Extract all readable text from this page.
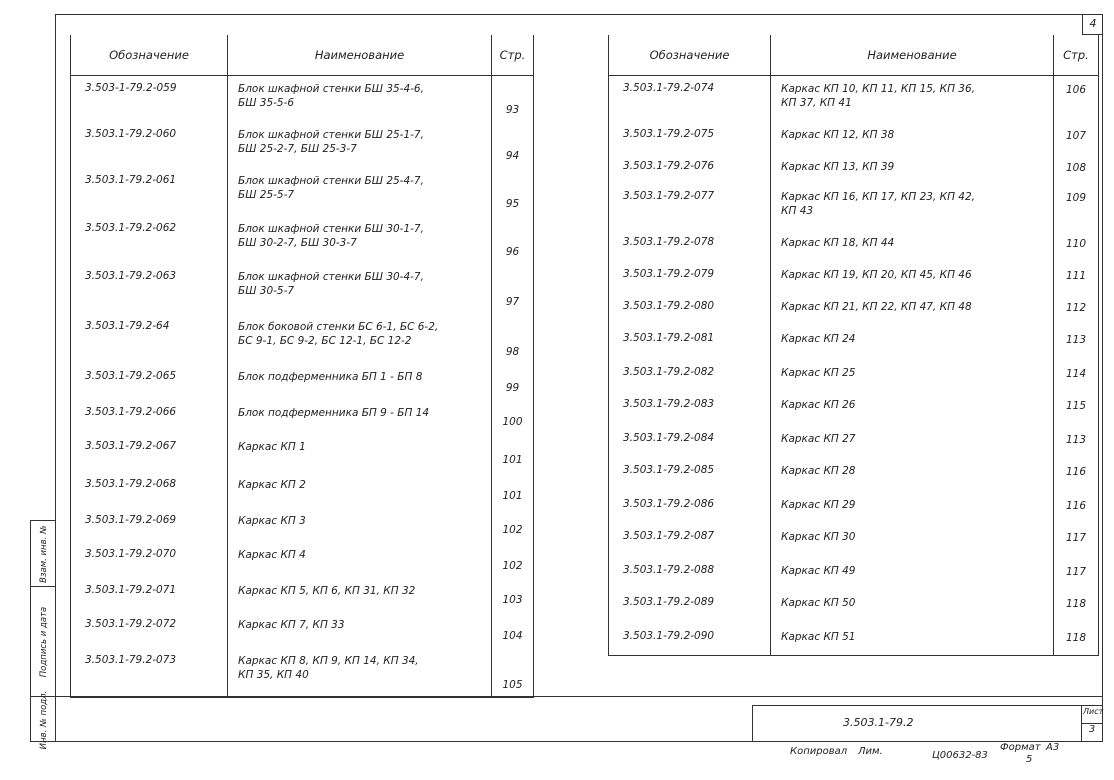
4
Взам. инв. №
Подпись и дата
Инв. № подл.
Обозначение	Наименование	Стр.
3.503-1-79.2-059	Блок шкафной стенки БШ 35-4-6,
БШ 35-5-6	93
3.503.1-79.2-060	Блок шкафной стенки БШ 25-1-7,
БШ 25-2-7, БШ 25-3-7	94
3.503.1-79.2-061	Блок шкафной стенки БШ 25-4-7,
БШ 25-5-7	95
3.503.1-79.2-062	Блок шкафной стенки БШ 30-1-7,
БШ 30-2-7, БШ 30-3-7	96
3.503.1-79.2-063	Блок шкафной стенки БШ 30-4-7,
БШ 30-5-7	97
3.503.1-79.2-64	Блок боковой стенки БС 6-1, БС 6-2,
БС 9-1, БС 9-2, БС 12-1, БС 12-2	98
3.503.1-79.2-065	Блок подферменника БП 1 - БП 8	99
3.503.1-79.2-066	Блок подферменника БП 9 - БП 14	100
3.503.1-79.2-067	Каркас КП 1	101
3.503.1-79.2-068	Каркас КП 2	101
3.503.1-79.2-069	Каркас КП 3	102
3.503.1-79.2-070	Каркас КП 4	102
3.503.1-79.2-071	Каркас КП 5, КП 6, КП 31, КП 32	103
3.503.1-79.2-072	Каркас КП 7, КП 33	104
3.503.1-79.2-073	Каркас КП 8, КП 9, КП 14, КП 34,
КП 35, КП 40	105
Обозначение	Наименование	Стр.
3.503.1-79.2-074	Каркас КП 10, КП 11, КП 15, КП 36,
КП 37, КП 41	106
3.503.1-79.2-075	Каркас КП 12, КП 38	107
3.503.1-79.2-076	Каркас КП 13, КП 39	108
3.503.1-79.2-077	Каркас КП 16, КП 17, КП 23, КП 42,
КП 43	109
3.503.1-79.2-078	Каркас КП 18, КП 44	110
3.503.1-79.2-079	Каркас КП 19, КП 20, КП 45, КП 46	111
3.503.1-79.2-080	Каркас КП 21, КП 22, КП 47, КП 48	112
3.503.1-79.2-081	Каркас КП 24	113
3.503.1-79.2-082	Каркас КП 25	114
3.503.1-79.2-083	Каркас КП 26	115
3.503.1-79.2-084	Каркас КП 27	113
3.503.1-79.2-085	Каркас КП 28	116
3.503.1-79.2-086	Каркас КП 29	116
3.503.1-79.2-087	Каркас КП 30	117
3.503.1-79.2-088	Каркас КП 49	117
3.503.1-79.2-089	Каркас КП 50	118
3.503.1-79.2-090	Каркас КП 51	118
3.503.1-79.2
Лист
3
Копировал Лим.	Ц00632-83
Формат А3
5
